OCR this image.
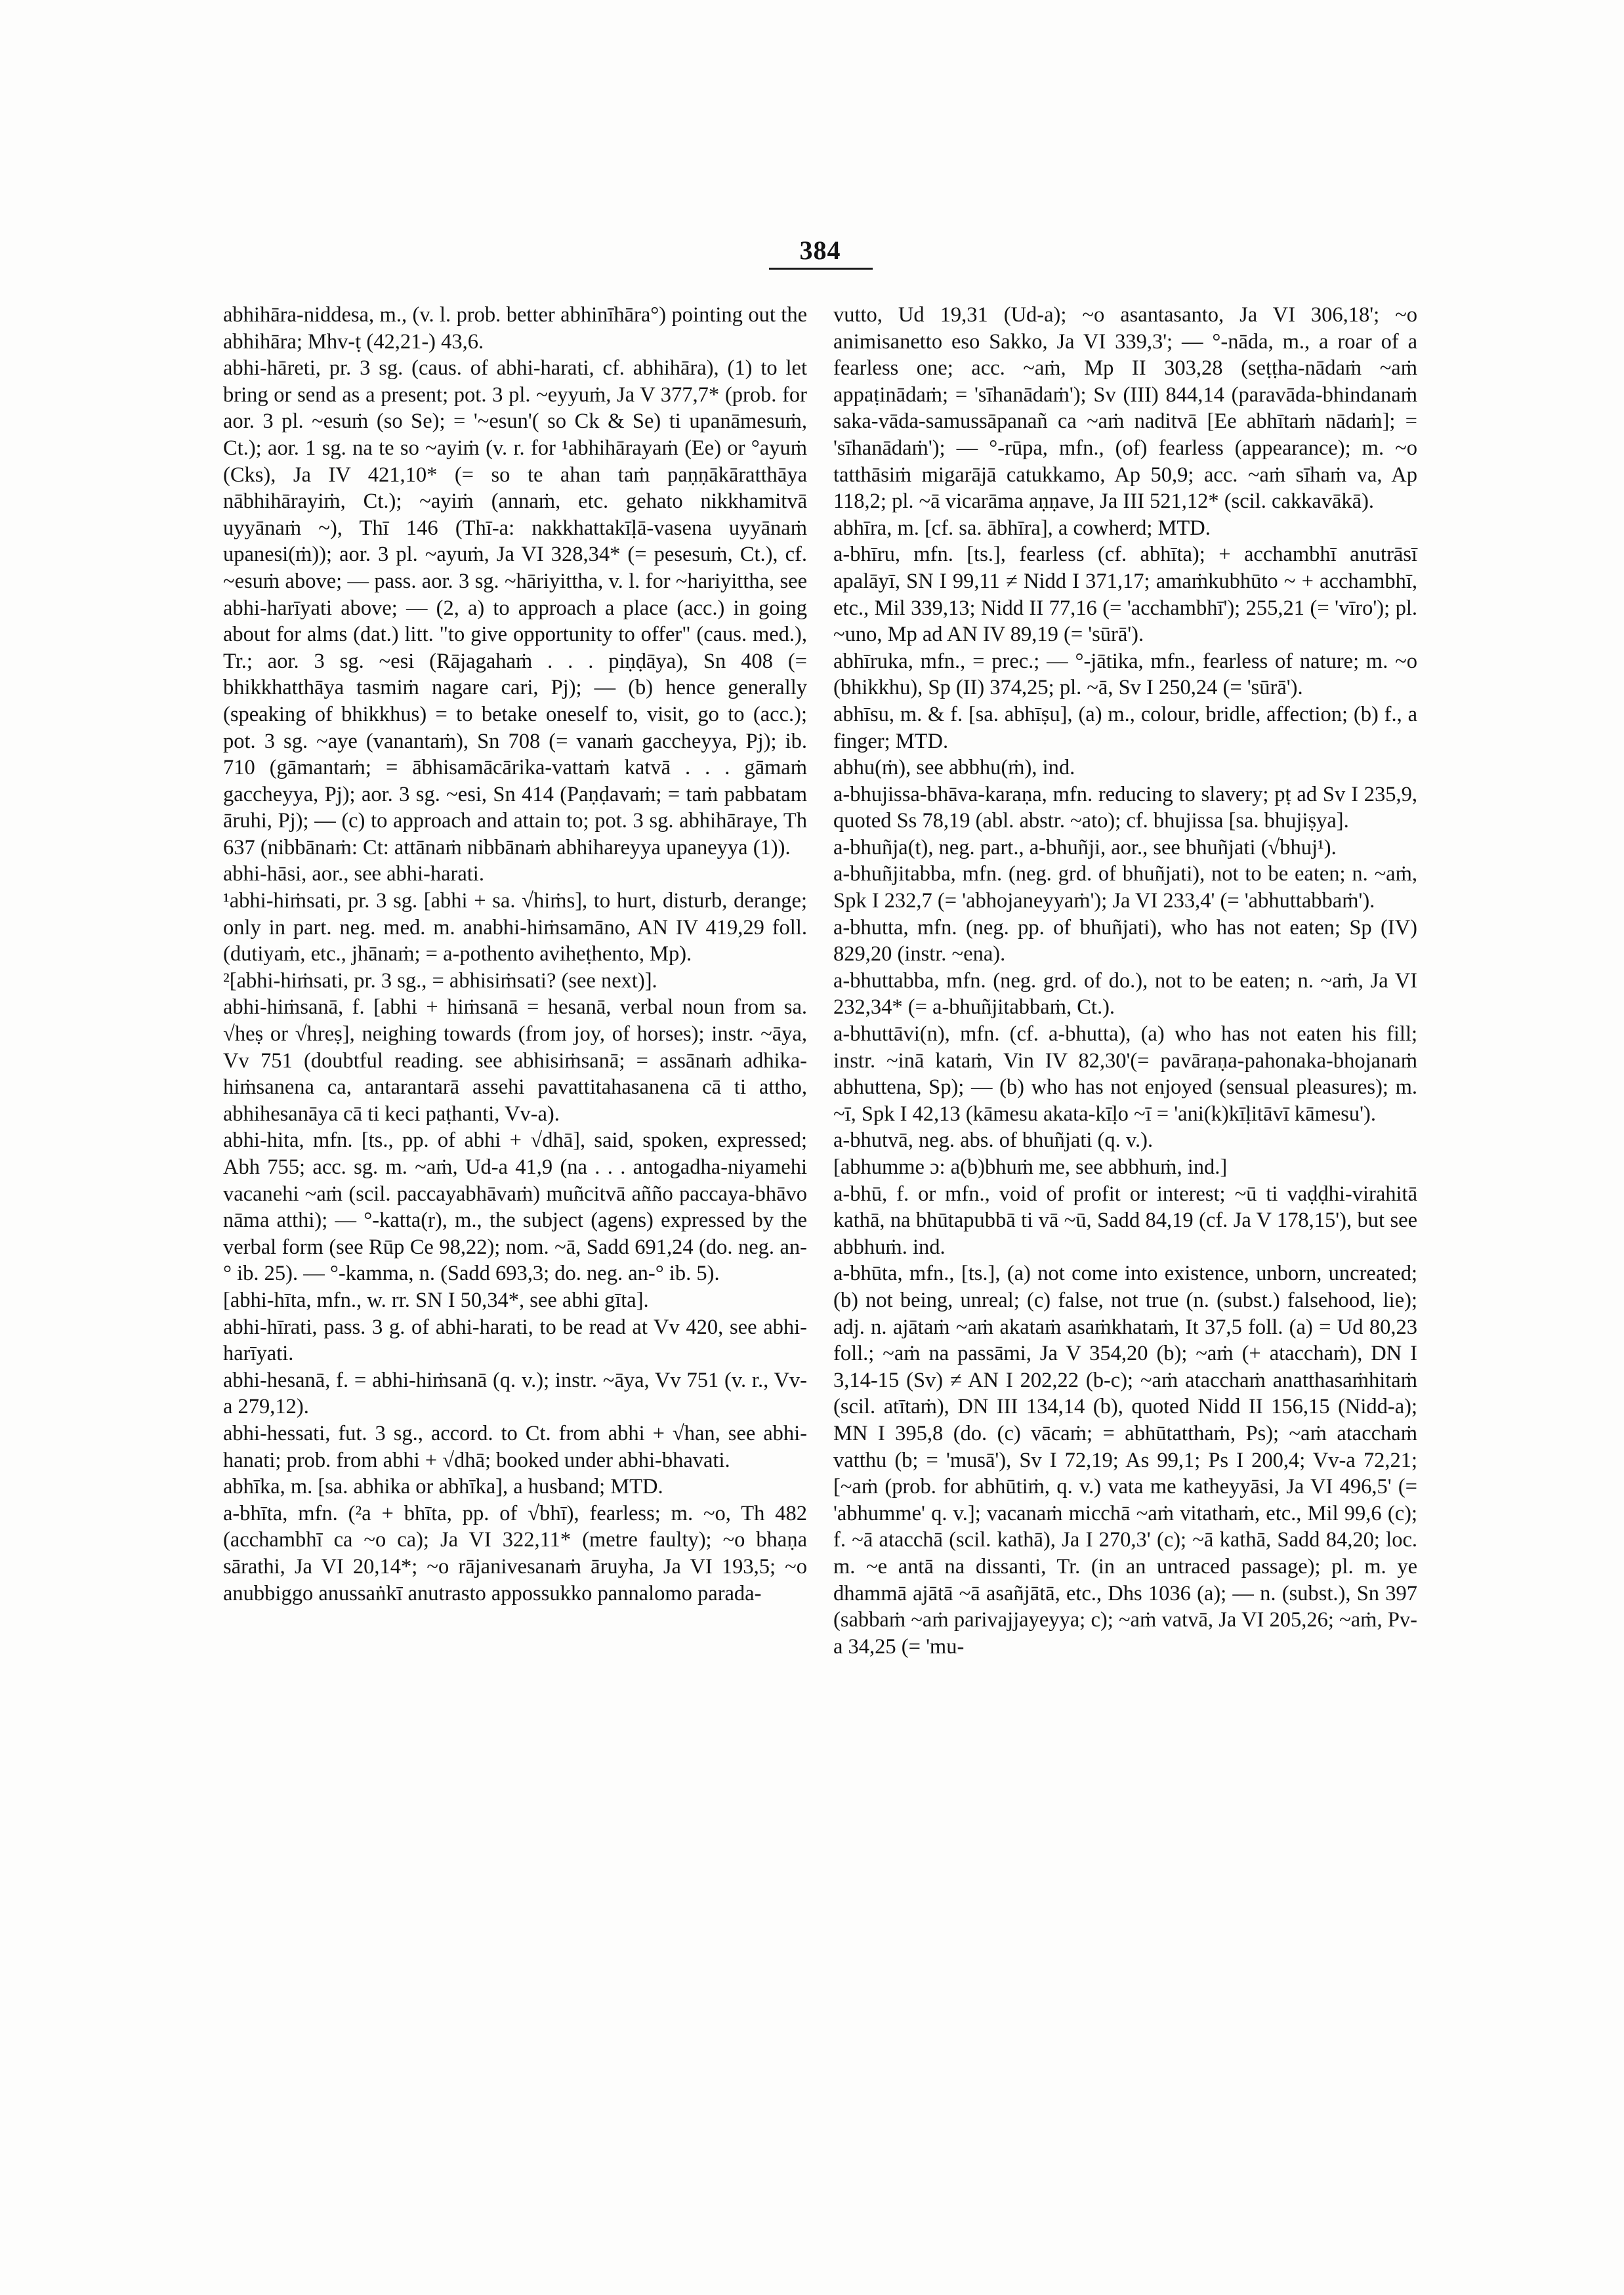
384

abhihāra-niddesa, m., (v. l. prob. better abhinīhāra°) pointing out the abhihāra; Mhv-ṭ (42,21-) 43,6.

abhi-hāreti, pr. 3 sg. (caus. of abhi-harati, cf. abhihāra), (1) to let bring or send as a present; pot. 3 pl. ~eyyuṁ, Ja V 377,7* (prob. for aor. 3 pl. ~esuṁ (so Se); = '~esun'( so Ck & Se) ti upanāmesuṁ, Ct.); aor. 1 sg. na te so ~ayiṁ (v. r. for ¹abhihārayaṁ (Ee) or °ayuṁ (Cks), Ja IV 421,10* (= so te ahan taṁ paṇṇākāratthāya nābhihārayiṁ, Ct.); ~ayiṁ (annaṁ, etc. gehato nikkhamitvā uyyānaṁ ~), Thī 146 (Thī-a: nakkhattakīḷā-vasena uyyānaṁ upanesi(ṁ)); aor. 3 pl. ~ayuṁ, Ja VI 328,34* (= pesesuṁ, Ct.), cf. ~esuṁ above; — pass. aor. 3 sg. ~hāriyittha, v. l. for ~hariyittha, see abhi-harīyati above; — (2, a) to approach a place (acc.) in going about for alms (dat.) litt. "to give opportunity to offer" (caus. med.), Tr.; aor. 3 sg. ~esi (Rājagahaṁ . . . piṇḍāya), Sn 408 (= bhikkhatthāya tasmiṁ nagare cari, Pj); — (b) hence generally (speaking of bhikkhus) = to betake oneself to, visit, go to (acc.); pot. 3 sg. ~aye (vanantaṁ), Sn 708 (= vanaṁ gaccheyya, Pj); ib. 710 (gāmantaṁ; = ābhisamācārika-vattaṁ katvā . . . gāmaṁ gaccheyya, Pj); aor. 3 sg. ~esi, Sn 414 (Paṇḍavaṁ; = taṁ pabbatam āruhi, Pj); — (c) to approach and attain to; pot. 3 sg. abhihāraye, Th 637 (nibbānaṁ: Ct: attānaṁ nibbānaṁ abhihareyya upaneyya (1)).

abhi-hāsi, aor., see abhi-harati.

¹abhi-hiṁsati, pr. 3 sg. [abhi + sa. √hiṁs], to hurt, disturb, derange; only in part. neg. med. m. anabhi-hiṁsamāno, AN IV 419,29 foll. (dutiyaṁ, etc., jhānaṁ; = a-pothento avihеṭhento, Mp).

²[abhi-hiṁsati, pr. 3 sg., = abhisiṁsati? (see next)].

abhi-hiṁsanā, f. [abhi + hiṁsanā = hesanā, verbal noun from sa. √heṣ or √hreṣ], neighing towards (from joy, of horses); instr. ~āya, Vv 751 (doubtful reading. see abhisiṁsanā; = assānaṁ adhika-hiṁsanena ca, antarantarā assehi pavattitahasanena cā ti attho, abhihesanāya cā ti keci paṭhanti, Vv-a).

abhi-hita, mfn. [ts., pp. of abhi + √dhā], said, spoken, expressed; Abh 755; acc. sg. m. ~aṁ, Ud-a 41,9 (na . . . antogadha-niyamehi vacanehi ~aṁ (scil. paccayabhāvaṁ) muñcitvā añño paccaya-bhāvo nāma atthi); — °-katta(r), m., the subject (agens) expressed by the verbal form (see Rūp Ce 98,22); nom. ~ā, Sadd 691,24 (do. neg. an-° ib. 25). — °-kamma, n. (Sadd 693,3; do. neg. an-° ib. 5).

[abhi-hīta, mfn., w. rr. SN I 50,34*, see abhi gīta].

abhi-hīrati, pass. 3 g. of abhi-harati, to be read at Vv 420, see abhi-harīyati.

abhi-hesanā, f. = abhi-hiṁsanā (q. v.); instr. ~āya, Vv 751 (v. r., Vv-a 279,12).

abhi-hessati, fut. 3 sg., accord. to Ct. from abhi + √han, see abhi-hanati; prob. from abhi + √dhā; booked under abhi-bhavati.

abhīka, m. [sa. abhika or abhīka], a husband; MTD.

a-bhīta, mfn. (²a + bhīta, pp. of √bhī), fearless; m. ~o, Th 482 (acchambhī ca ~o ca); Ja VI 322,11* (metre faulty); ~o bhaṇa sārathi, Ja VI 20,14*; ~o rājanivesanaṁ āruyha, Ja VI 193,5; ~o anubbiggo anussaṅkī anutrasto appossukko pannalomo parada-

vutto, Ud 19,31 (Ud-a); ~o asantasanto, Ja VI 306,18'; ~o animisanetto eso Sakko, Ja VI 339,3'; — °-nāda, m., a roar of a fearless one; acc. ~aṁ, Mp II 303,28 (seṭṭha-nādaṁ ~aṁ appaṭinādaṁ; = 'sīhanādaṁ'); Sv (III) 844,14 (paravāda-bhindanaṁ saka-vāda-samussāpanañ ca ~aṁ naditvā [Ee abhītaṁ nādaṁ]; = 'sīhanādaṁ'); — °-rūpa, mfn., (of) fearless (appearance); m. ~o tatthāsiṁ migarājā catukkamo, Ap 50,9; acc. ~aṁ sīhaṁ va, Ap 118,2; pl. ~ā vicarāma aṇṇave, Ja III 521,12* (scil. cakkavākā).

abhīra, m. [cf. sa. ābhīra], a cowherd; MTD.

a-bhīru, mfn. [ts.], fearless (cf. abhīta); + acchambhī anutrāsī apalāyī, SN I 99,11 ≠ Nidd I 371,17; amaṁkubhūto ~ + acchambhī, etc., Mil 339,13; Nidd II 77,16 (= 'acchambhī'); 255,21 (= 'vīro'); pl. ~uno, Mp ad AN IV 89,19 (= 'sūrā').

abhīruka, mfn., = prec.; — °-jātika, mfn., fearless of nature; m. ~o (bhikkhu), Sp (II) 374,25; pl. ~ā, Sv I 250,24 (= 'sūrā').

abhīsu, m. & f. [sa. abhīṣu], (a) m., colour, bridle, affection; (b) f., a finger; MTD.

abhu(ṁ), see abbhu(ṁ), ind.

a-bhujissa-bhāva-karaṇa, mfn. reducing to slavery; pṭ ad Sv I 235,9, quoted Ss 78,19 (abl. abstr. ~ato); cf. bhujissa [sa. bhujiṣya].

a-bhuñja(t), neg. part., a-bhuñji, aor., see bhuñjati (√bhuj¹).

a-bhuñjitabba, mfn. (neg. grd. of bhuñjati), not to be eaten; n. ~aṁ, Spk I 232,7 (= 'abhojaneyyaṁ'); Ja VI 233,4' (= 'abhuttabbaṁ').

a-bhutta, mfn. (neg. pp. of bhuñjati), who has not eaten; Sp (IV) 829,20 (instr. ~ena).

a-bhuttabba, mfn. (neg. grd. of do.), not to be eaten; n. ~aṁ, Ja VI 232,34* (= a-bhuñjitabbaṁ, Ct.).

a-bhuttāvi(n), mfn. (cf. a-bhutta), (a) who has not eaten his fill; instr. ~inā kataṁ, Vin IV 82,30'(= pavāraṇa-pahonaka-bhojanaṁ abhuttena, Sp); — (b) who has not enjoyed (sensual pleasures); m. ~ī, Spk I 42,13 (kāmesu akata-kīḷo ~ī = 'ani(k)kīḷitāvī kāmesu').

a-bhutvā, neg. abs. of bhuñjati (q. v.).

[abhumme ɔ: a(b)bhuṁ me, see abbhuṁ, ind.]

a-bhū, f. or mfn., void of profit or interest; ~ū ti vaḍḍhi-virahitā kathā, na bhūtapubbā ti vā ~ū, Sadd 84,19 (cf. Ja V 178,15'), but see abbhuṁ. ind.

a-bhūta, mfn., [ts.], (a) not come into existence, unborn, uncreated; (b) not being, unreal; (c) false, not true (n. (subst.) falsehood, lie); adj. n. ajātaṁ ~aṁ akataṁ asaṁkhataṁ, It 37,5 foll. (a) = Ud 80,23 foll.; ~aṁ na passāmi, Ja V 354,20 (b); ~aṁ (+ atacchaṁ), DN I 3,14-15 (Sv) ≠ AN I 202,22 (b-c); ~aṁ atacchaṁ anatthasaṁhitaṁ (scil. atītaṁ), DN III 134,14 (b), quoted Nidd II 156,15 (Nidd-a); MN I 395,8 (do. (c) vācaṁ; = abhūtatthaṁ, Ps); ~aṁ atacchaṁ vatthu (b; = 'musā'), Sv I 72,19; As 99,1; Ps I 200,4; Vv-a 72,21; [~aṁ (prob. for abhūtiṁ, q. v.) vata me katheyyāsi, Ja VI 496,5' (= 'abhumme' q. v.]; vacanaṁ micchā ~aṁ vitathaṁ, etc., Mil 99,6 (c); f. ~ā atacchā (scil. kathā), Ja I 270,3' (c); ~ā kathā, Sadd 84,20; loc. m. ~e antā na dissanti, Tr. (in an untraced passage); pl. m. ye dhammā ajātā ~ā asañjātā, etc., Dhs 1036 (a); — n. (subst.), Sn 397 (sabbaṁ ~aṁ parivajjayeyya; c); ~aṁ vatvā, Ja VI 205,26; ~aṁ, Pv-a 34,25 (= 'mu-
